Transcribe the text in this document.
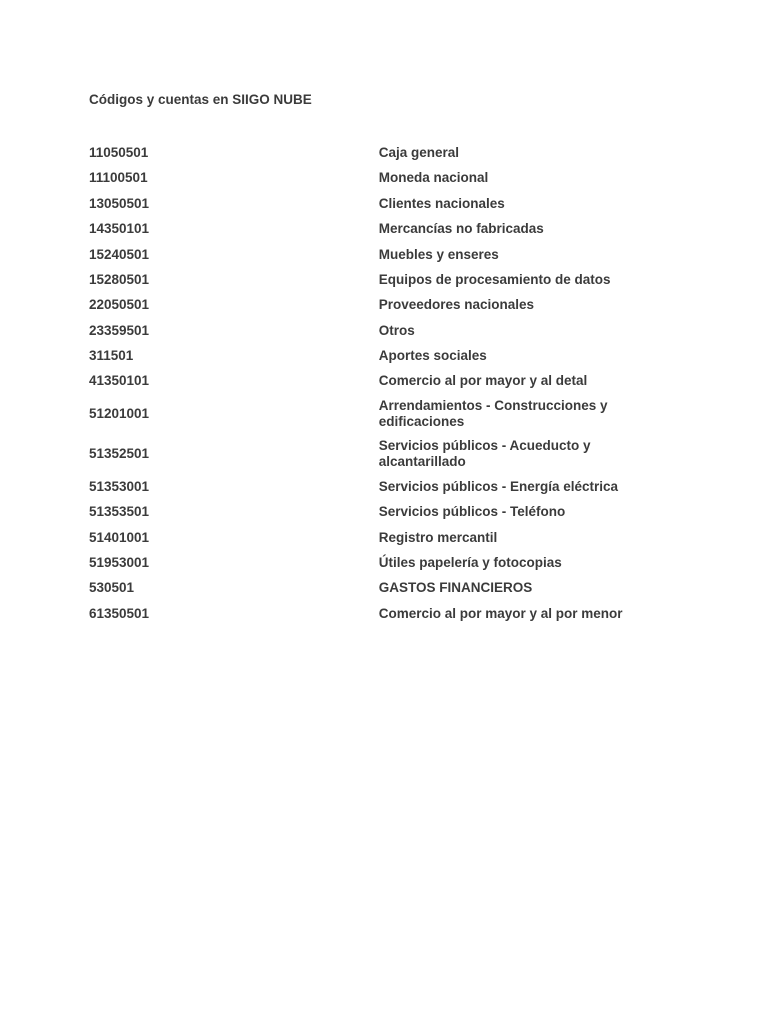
Códigos y cuentas en SIIGO NUBE
11050501	Caja general
11100501	Moneda nacional
13050501	Clientes nacionales
14350101	Mercancías no fabricadas
15240501	Muebles y enseres
15280501	Equipos de procesamiento de datos
22050501	Proveedores nacionales
23359501	Otros
311501	Aportes sociales
41350101	Comercio al por mayor y al detal
51201001	Arrendamientos - Construcciones y edificaciones
51352501	Servicios públicos - Acueducto y alcantarillado
51353001	Servicios públicos - Energía eléctrica
51353501	Servicios públicos - Teléfono
51401001	Registro mercantil
51953001	Útiles papelería y fotocopias
530501	GASTOS FINANCIEROS
61350501	Comercio al por mayor y al por menor
